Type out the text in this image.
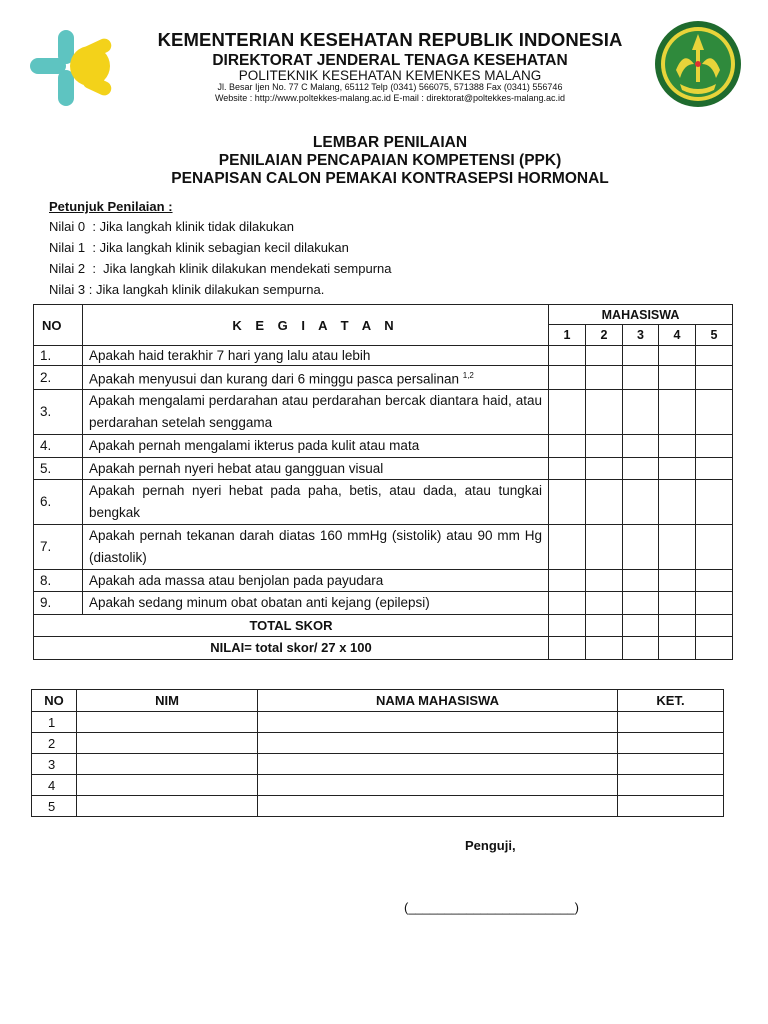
KEMENTERIAN KESEHATAN REPUBLIK INDONESIA
DIREKTORAT JENDERAL TENAGA KESEHATAN
POLITEKNIK KESEHATAN KEMENKES MALANG
Jl. Besar Ijen No. 77 C Malang, 65112 Telp (0341) 566075, 571388 Fax (0341) 556746
Website : http://www.poltekkes-malang.ac.id E-mail : direktorat@poltekkes-malang.ac.id
LEMBAR PENILAIAN
PENILAIAN PENCAPAIAN KOMPETENSI (PPK)
PENAPISAN CALON PEMAKAI KONTRASEPSI HORMONAL
Petunjuk Penilaian :
Nilai 0  : Jika langkah klinik tidak dilakukan
Nilai 1  : Jika langkah klinik sebagian kecil dilakukan
Nilai 2  :  Jika langkah klinik dilakukan mendekati sempurna
Nilai 3 : Jika langkah klinik dilakukan sempurna.
NO	K E G I A T A N	MAHASISWA				
		1	2	3	4	5
1.	Apakah haid terakhir 7 hari yang lalu atau lebih					
2.	Apakah menyusui dan kurang dari 6 minggu pasca persalinan $^{1,2}$					
3.	Apakah mengalami perdarahan atau perdarahan bercak diantara haid, atau perdarahan setelah senggama					
4.	Apakah pernah mengalami ikterus pada kulit atau mata					
5.	Apakah pernah nyeri hebat atau gangguan visual					
6.	Apakah pernah nyeri hebat pada paha, betis, atau dada, atau tungkai bengkak					
7.	Apakah pernah tekanan darah diatas 160 mmHg (sistolik) atau 90 mm Hg (diastolik)					
8.	Apakah ada massa atau benjolan pada payudara					
9.	Apakah sedang minum obat obatan anti kejang (epilepsi)					
TOTAL SKOR						
NILAI= total skor/ 27 x 100						
NO	NIM	NAMA MAHASISWA	KET.
1			
2			
3			
4			
5			
Penguji,
(_______________________)
